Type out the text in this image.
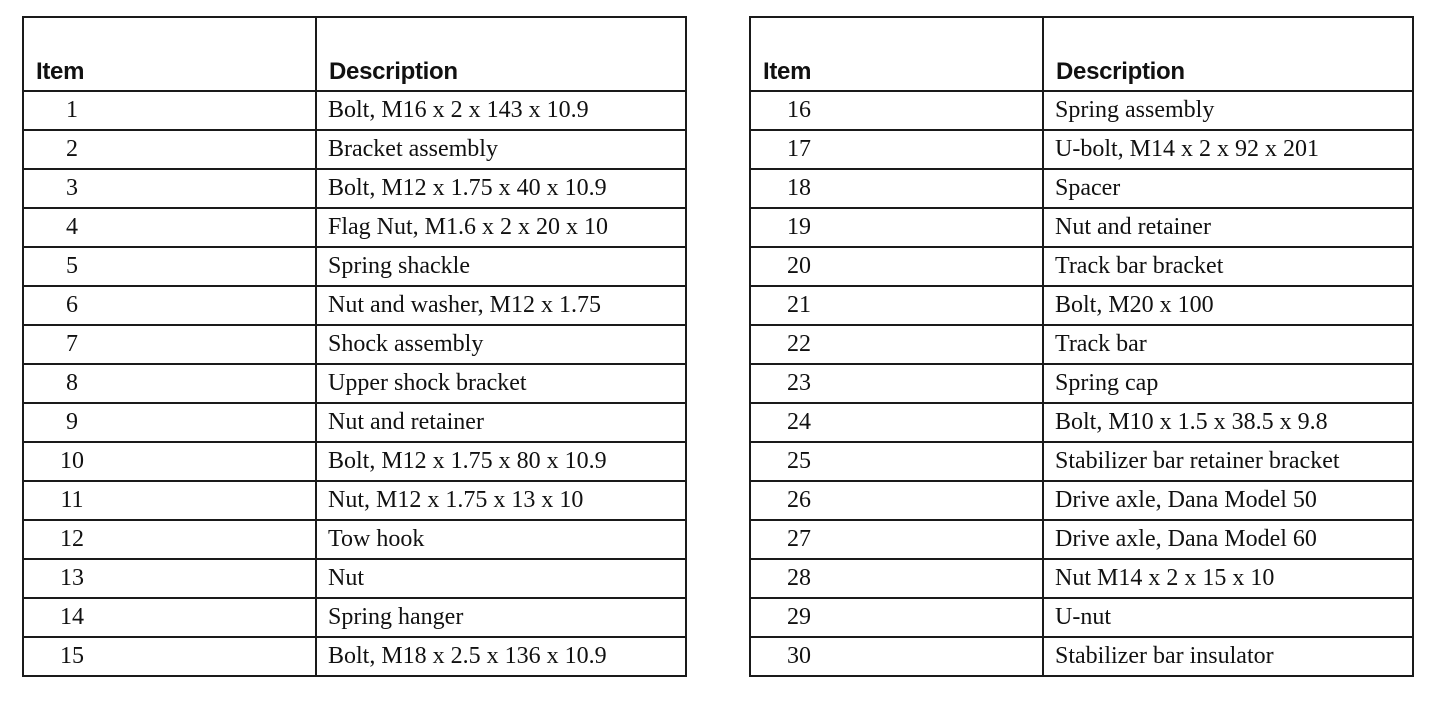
Item	Description
1	Bolt, M16 x 2 x 143 x 10.9
2	Bracket assembly
3	Bolt, M12 x 1.75 x 40 x 10.9
4	Flag Nut, M1.6 x 2 x 20 x 10
5	Spring shackle
6	Nut and washer, M12 x 1.75
7	Shock assembly
8	Upper shock bracket
9	Nut and retainer
10	Bolt, M12 x 1.75 x 80 x 10.9
11	Nut, M12 x 1.75 x 13 x 10
12	Tow hook
13	Nut
14	Spring hanger
15	Bolt, M18 x 2.5 x 136 x 10.9
Item	Description
16	Spring assembly
17	U-bolt, M14 x 2 x 92 x 201
18	Spacer
19	Nut and retainer
20	Track bar bracket
21	Bolt, M20 x 100
22	Track bar
23	Spring cap
24	Bolt, M10 x 1.5 x 38.5 x 9.8
25	Stabilizer bar retainer bracket
26	Drive axle, Dana Model 50
27	Drive axle, Dana Model 60
28	Nut M14 x 2 x 15 x 10
29	U-nut
30	Stabilizer bar insulator
